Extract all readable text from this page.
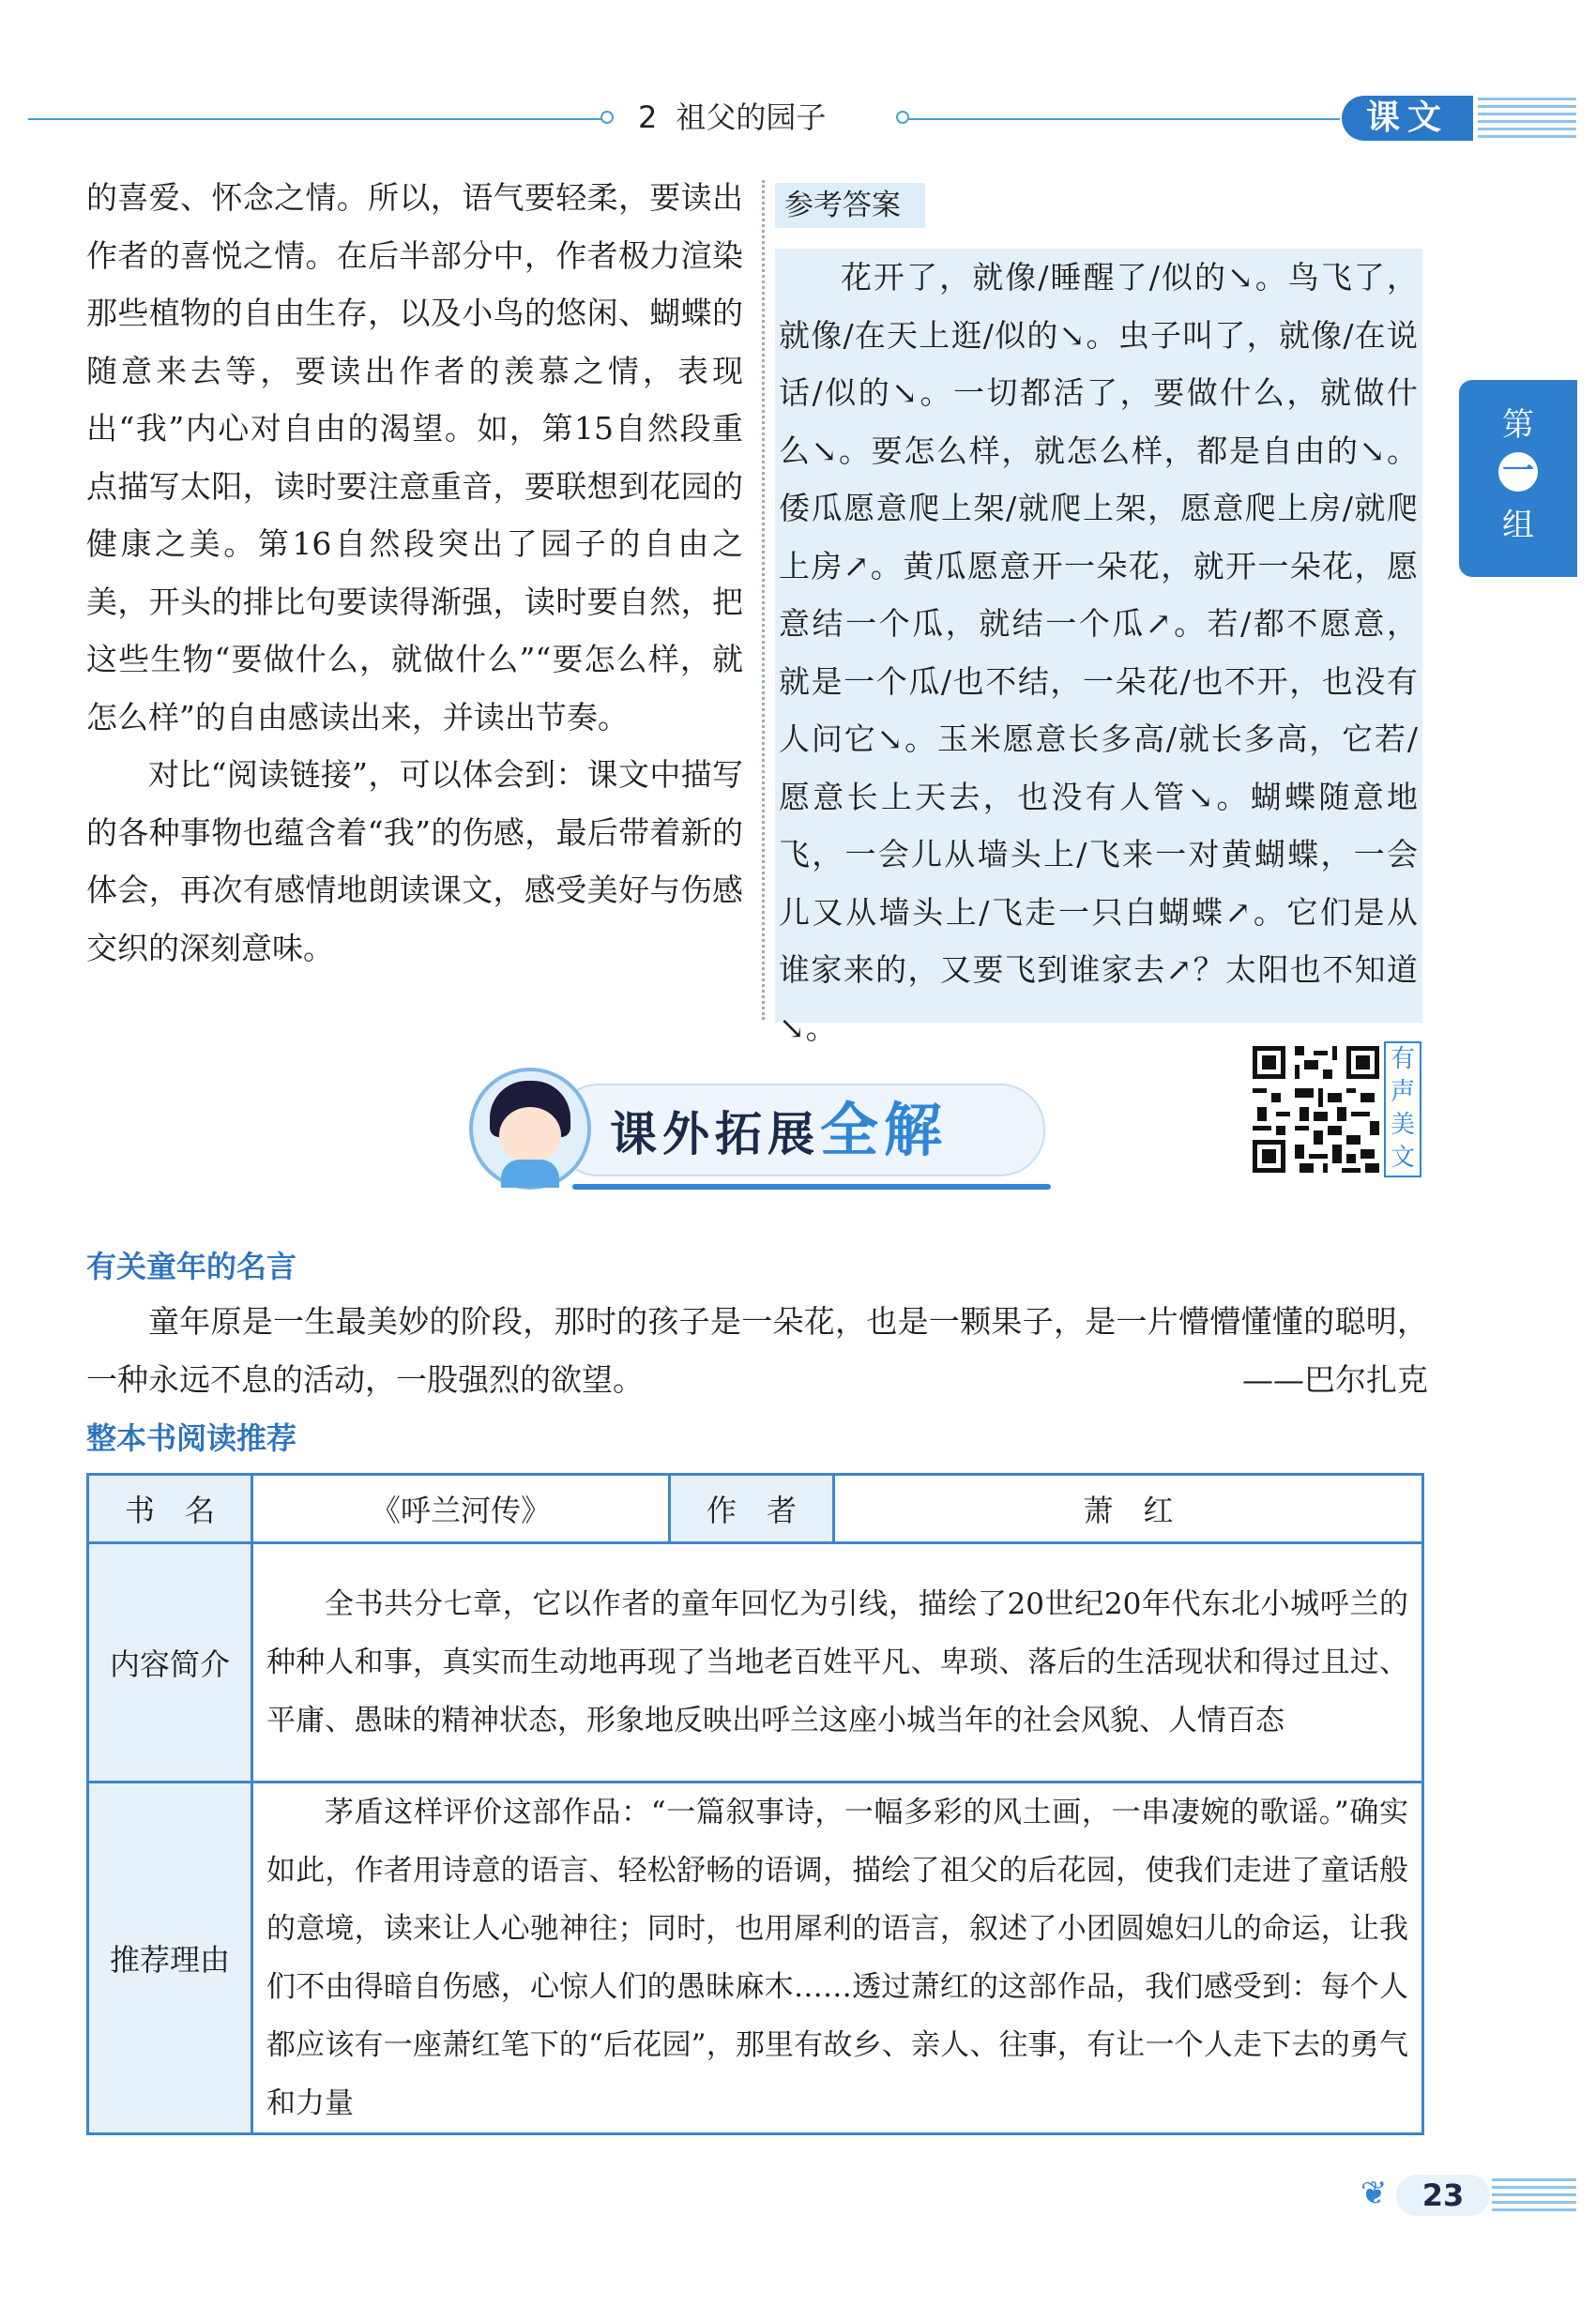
2 祖父的园子	课文
第
一
组

的喜爱、怀念之情。所以，语气要轻柔，要读出作者的喜悦之情。在后半部分中，作者极力渲染那些植物的自由生存，以及小鸟的悠闲、蝴蝶的随意来去等，要读出作者的羡慕之情，表现出“我”内心对自由的渴望。如，第15自然段重点描写太阳，读时要注意重音，要联想到花园的健康之美。第16自然段突出了园子的自由之美，开头的排比句要读得渐强，读时要自然，把这些生物“要做什么，就做什么”“要怎么样，就怎么样”的自由感读出来，并读出节奏。

对比“阅读链接”，可以体会到：课文中描写的各种事物也蕴含着“我”的伤感，最后带着新的体会，再次有感情地朗读课文，感受美好与伤感交织的深刻意味。

参考答案

花开了，就像/睡醒了/似的↘。鸟飞了，就像/在天上逛/似的↘。虫子叫了，就像/在说话/似的↘。一切都活了，要做什么，就做什么↘。要怎么样，就怎么样，都是自由的↘。倭瓜愿意爬上架/就爬上架，愿意爬上房/就爬上房↗。黄瓜愿意开一朵花，就开一朵花，愿意结一个瓜，就结一个瓜↗。若/都不愿意，就是一个瓜/也不结，一朵花/也不开，也没有人问它↘。玉米愿意长多高/就长多高，它若/愿意长上天去，也没有人管↘。蝴蝶随意地飞，一会儿从墙头上/飞来一对黄蝴蝶，一会儿又从墙头上/飞走一只白蝴蝶↗。它们是从谁家来的，又要飞到谁家去↗？太阳也不知道↘。

课外拓展全解
有
声
美
文
有关童年的名言

童年原是一生最美妙的阶段，那时的孩子是一朵花，也是一颗果子，是一片懵懵懂懂的聪明，一种永远不息的活动，一股强烈的欲望。	——巴尔扎克
整本书阅读推荐
书　名	《呼兰河传》	作　者	萧　红
内容简介	全书共分七章，它以作者的童年回忆为引线，描绘了20世纪20年代东北小城呼兰的种种人和事，真实而生动地再现了当地老百姓平凡、卑琐、落后的生活现状和得过且过、平庸、愚昧的精神状态，形象地反映出呼兰这座小城当年的社会风貌、人情百态		

推荐理由	茅盾这样评价这部作品：“一篇叙事诗，一幅多彩的风土画，一串凄婉的歌谣。”确实如此，作者用诗意的语言、轻松舒畅的语调，描绘了祖父的后花园，使我们走进了童话般的意境，读来让人心驰神往；同时，也用犀利的语言，叙述了小团圆媳妇儿的命运，让我们不由得暗自伤感，心惊人们的愚昧麻木……透过萧红的这部作品，我们感受到：每个人都应该有一座萧红笔下的“后花园”，那里有故乡、亲人、往事，有让一个人走下去的勇气和力量		
❦	23
